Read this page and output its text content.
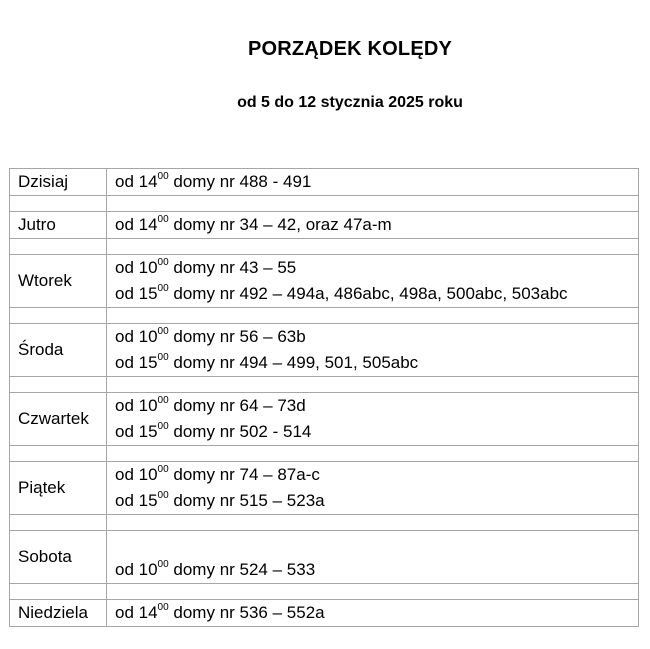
PORZĄDEK KOLĘDY
od 5 do 12 stycznia 2025 roku
Dzisiaj	od $14^{00}$ domy nr 488 - 491

Jutro	od $14^{00}$ domy nr 34 – 42, oraz 47a-m

Wtorek	od $10^{00}$ domy nr 43 – 55
od $15^{00}$ domy nr 492 – 494a, 486abc, 498a, 500abc, 503abc

Środa	od $10^{00}$ domy nr 56 – 63b
od $15^{00}$ domy nr 494 – 499, 501, 505abc

Czwartek	od $10^{00}$ domy nr 64 – 73d
od $15^{00}$ domy nr 502 - 514

Piątek	od $10^{00}$ domy nr 74 – 87a-c
od $15^{00}$ domy nr 515 – 523a

Sobota	od $10^{00}$ domy nr 524 – 533

Niedziela	od $14^{00}$ domy nr 536 – 552a
